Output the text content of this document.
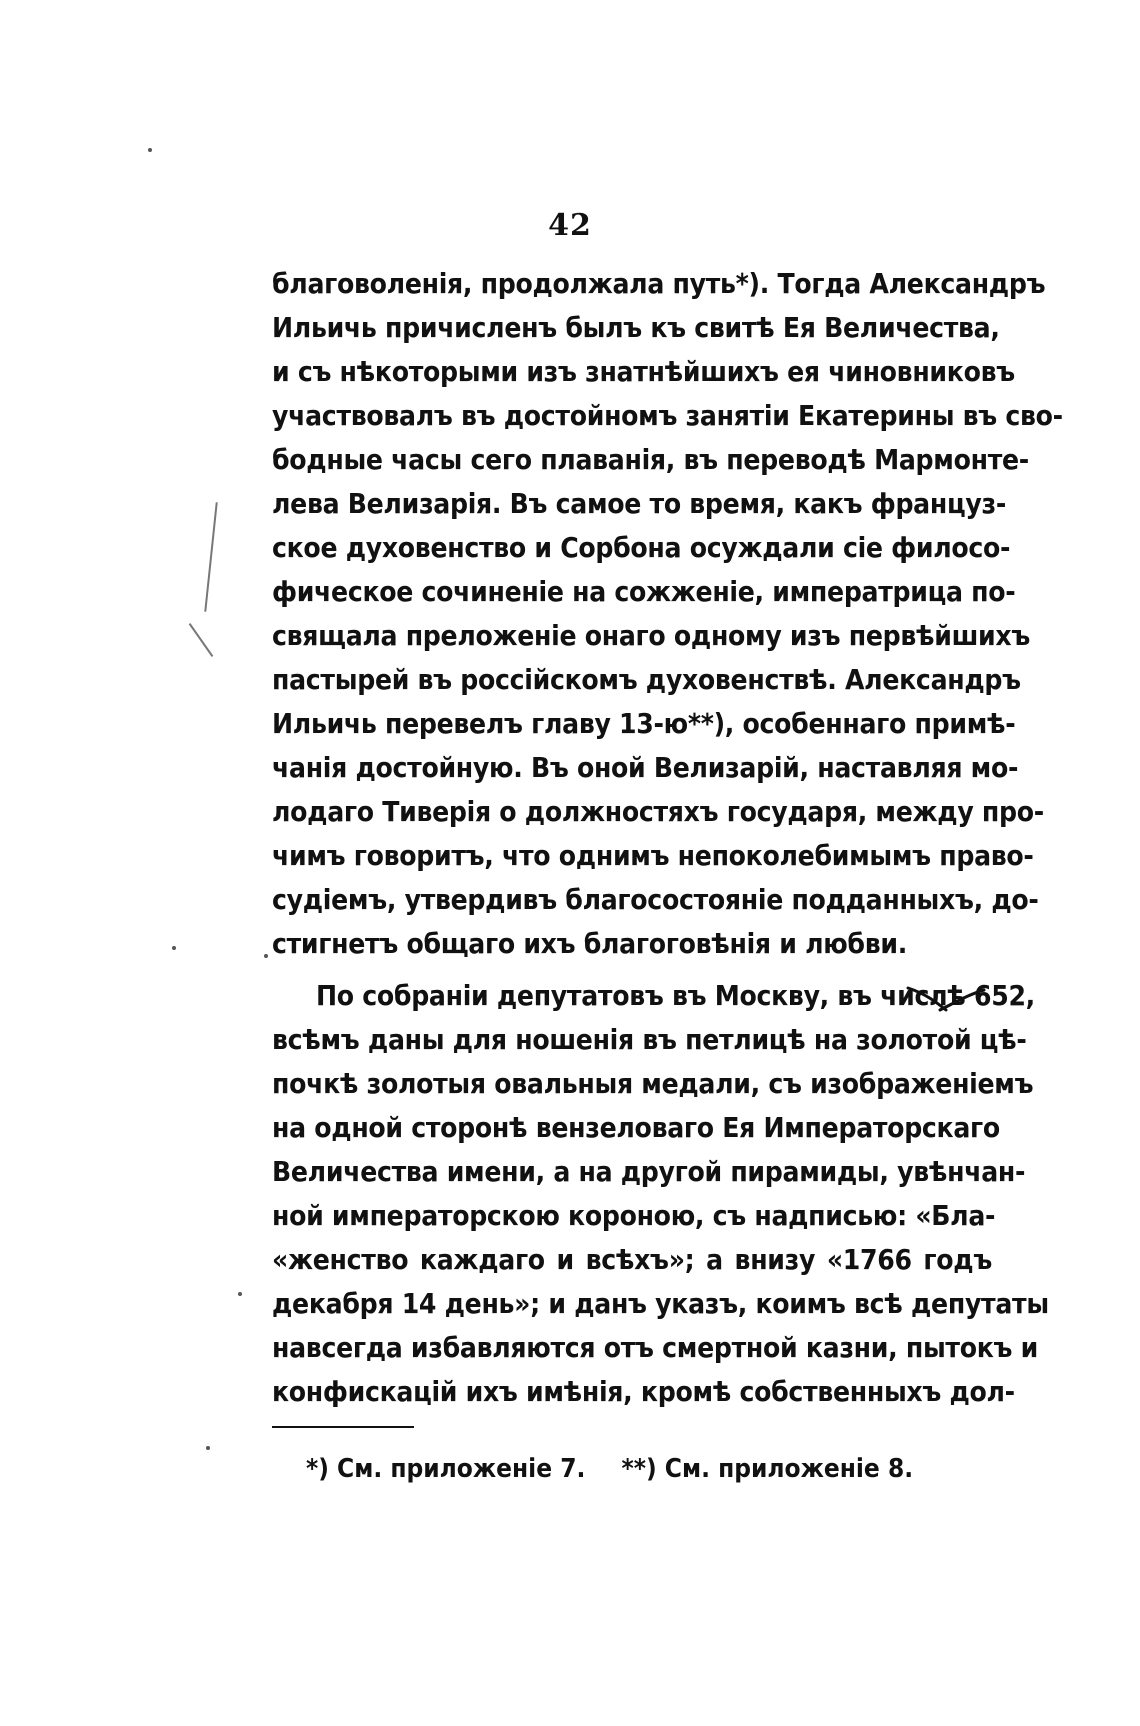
42
благоволенія, продолжала путь*). Тогда Александръ
Ильичь причисленъ былъ къ свитѣ Ея Величества,
и съ нѣкоторыми изъ знатнѣйшихъ ея чиновниковъ
участвовалъ въ достойномъ занятіи Екатерины въ сво-
бодные часы сего плаванія, въ переводѣ Мармонте-
лева Велизарія. Въ самое то время, какъ француз-
ское духовенство и Сорбона осуждали сіе филосо-
фическое сочиненіе на сожженіе, императрица по-
свящала преложеніе онаго одному изъ первѣйшихъ
пастырей въ россійскомъ духовенствѣ. Александръ
Ильичь перевелъ главу 13-ю**), особеннаго примѣ-
чанія достойную. Въ оной Велизарій, наставляя мо-
лодаго Тиверія о должностяхъ государя, между про-
чимъ говоритъ, что однимъ непоколебимымъ право-
судіемъ, утвердивъ благосостояніе подданныхъ, до-
стигнетъ общаго ихъ благоговѣнія и любви.
По собраніи депутатовъ въ Москву, въ числѣ 652,
всѣмъ даны для ношенія въ петлицѣ на золотой цѣ-
почкѣ золотыя овальныя медали, съ изображеніемъ
на одной сторонѣ вензеловаго Ея Императорскаго
Величества имени, а на другой пирамиды, увѣнчан-
ной императорскою короною, съ надписью: «Бла-
«женство каждаго и всѣхъ»; а внизу «1766 годъ
декабря 14 день»; и данъ указъ, коимъ всѣ депутаты
навсегда избавляются отъ смертной казни, пытокъ и
конфискацій ихъ имѣнія, кромѣ собственныхъ дол-
*) См. приложеніе 7. **) См. приложеніе 8.
